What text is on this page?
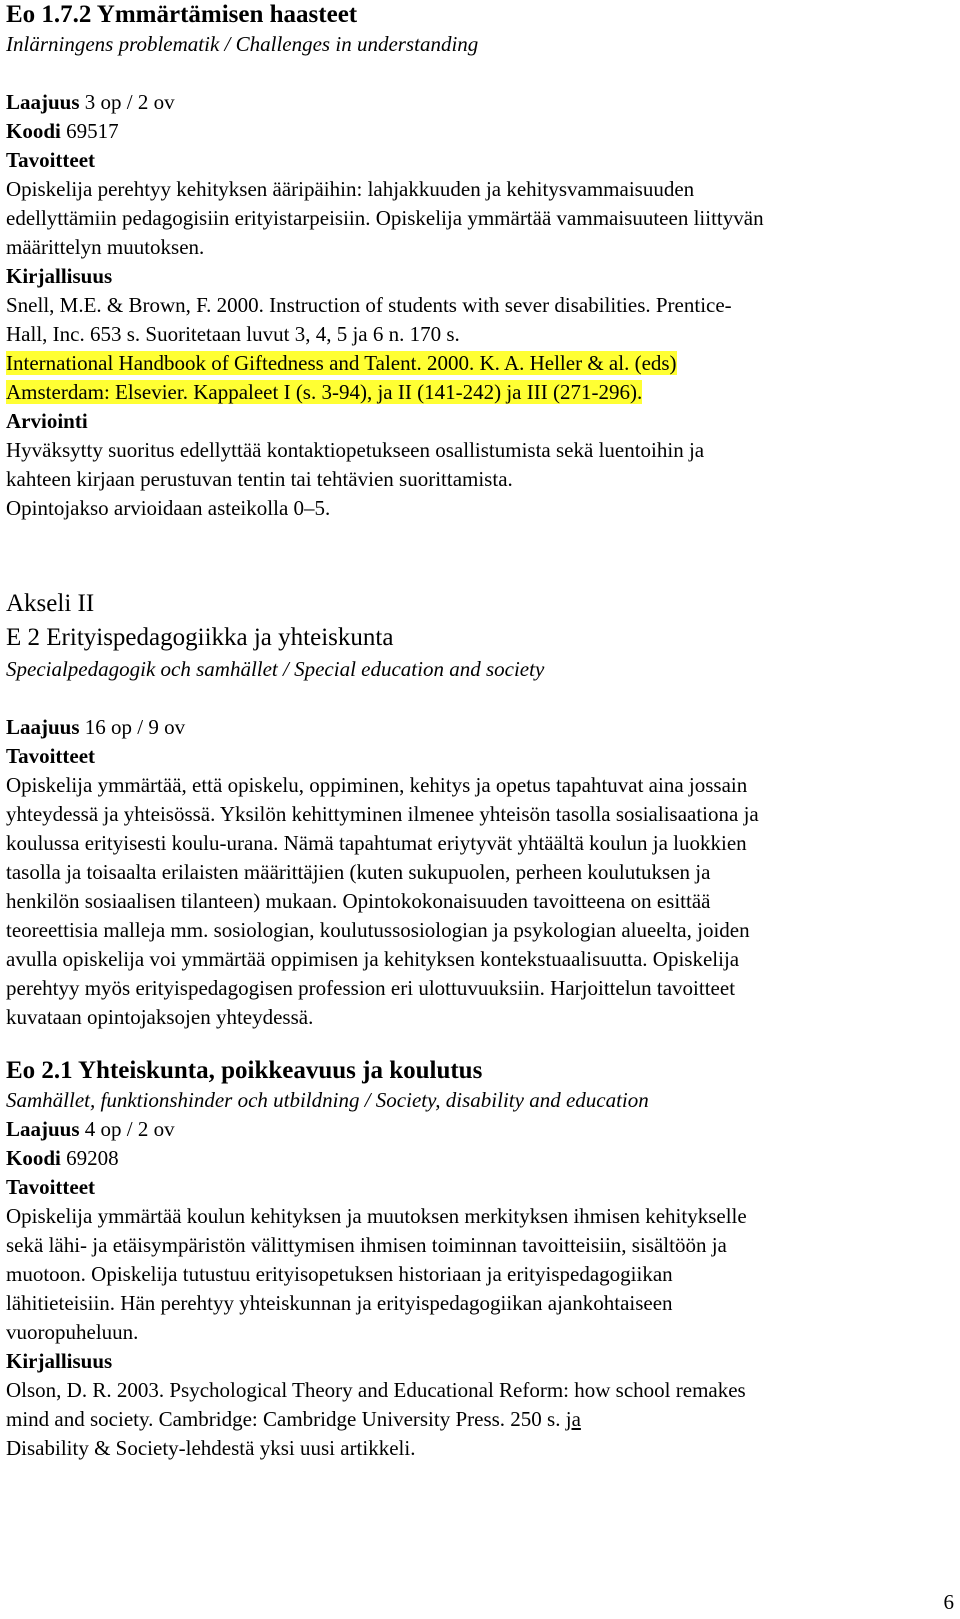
Eo 1.7.2 Ymmärtämisen haasteet
Inlärningens problematik / Challenges in understanding
Laajuus 3 op / 2 ov
Koodi 69517
Tavoitteet
Opiskelija perehtyy kehityksen ääripäihin: lahjakkuuden ja kehitysvammaisuuden
edellyttämiin pedagogisiin erityistarpeisiin. Opiskelija ymmärtää vammaisuuteen liittyvän
määrittelyn muutoksen.
Kirjallisuus
Snell, M.E. & Brown, F. 2000. Instruction of students with sever disabilities. Prentice-
Hall, Inc. 653 s. Suoritetaan luvut 3, 4, 5 ja 6 n. 170 s.
International Handbook of Giftedness and Talent. 2000. K. A. Heller & al. (eds)
Amsterdam: Elsevier. Kappaleet I (s. 3-94), ja II (141-242) ja III (271-296).
Arviointi
Hyväksytty suoritus edellyttää kontaktiopetukseen osallistumista sekä luentoihin ja
kahteen kirjaan perustuvan tentin tai tehtävien suorittamista.
Opintojakso arvioidaan asteikolla 0–5.
Akseli II
E 2 Erityispedagogiikka ja yhteiskunta
Specialpedagogik och samhället / Special education and society
Laajuus 16 op / 9 ov
Tavoitteet
Opiskelija ymmärtää, että opiskelu, oppiminen, kehitys ja opetus tapahtuvat aina jossain
yhteydessä ja yhteisössä. Yksilön kehittyminen ilmenee yhteisön tasolla sosialisaationa ja
koulussa erityisesti koulu-urana. Nämä tapahtumat eriytyvät yhtäältä koulun ja luokkien
tasolla ja toisaalta erilaisten määrittäjien (kuten sukupuolen, perheen koulutuksen ja
henkilön sosiaalisen tilanteen) mukaan. Opintokokonaisuuden tavoitteena on esittää
teoreettisia malleja mm. sosiologian, koulutussosiologian ja psykologian alueelta, joiden
avulla opiskelija voi ymmärtää oppimisen ja kehityksen kontekstuaalisuutta. Opiskelija
perehtyy myös erityispedagogisen profession eri ulottuvuuksiin. Harjoittelun tavoitteet
kuvataan opintojaksojen yhteydessä.
Eo 2.1 Yhteiskunta, poikkeavuus ja koulutus
Samhället, funktionshinder och utbildning / Society, disability and education
Laajuus 4 op / 2 ov
Koodi 69208
Tavoitteet
Opiskelija ymmärtää koulun kehityksen ja muutoksen merkityksen ihmisen kehitykselle
sekä lähi- ja etäisympäristön välittymisen ihmisen toiminnan tavoitteisiin, sisältöön ja
muotoon. Opiskelija tutustuu erityisopetuksen historiaan ja erityispedagogiikan
lähitieteisiin. Hän perehtyy yhteiskunnan ja erityispedagogiikan ajankohtaiseen
vuoropuheluun.
Kirjallisuus
Olson, D. R. 2003. Psychological Theory and Educational Reform: how school remakes
mind and society. Cambridge: Cambridge University Press. 250 s. ja
Disability & Society-lehdestä yksi uusi artikkeli.
6
